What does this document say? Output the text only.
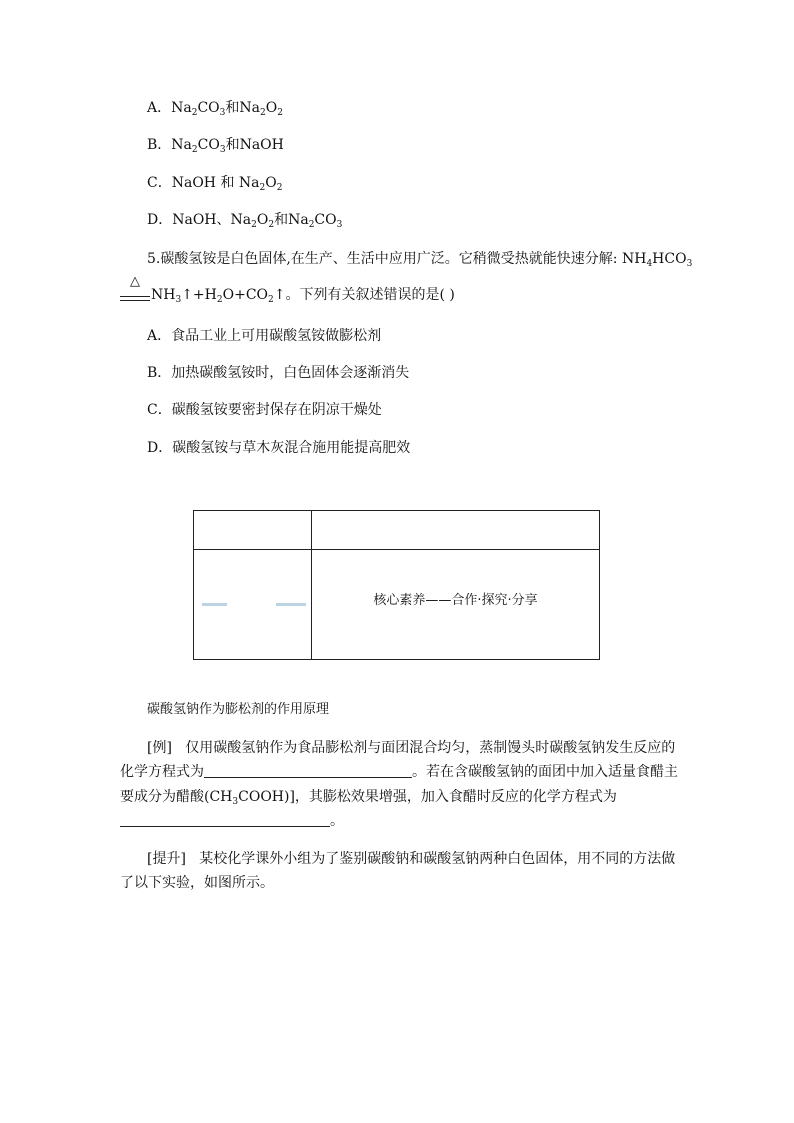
A．$Na_2CO_3$和$Na_2O_2$
B．$Na_2CO_3$和NaOH
C．NaOH 和 $Na_2O_2$
D．NaOH、$Na_2O_2$和$Na_2CO_3$
5.碳酸氢铵是白色固体,在生产、生活中应用广泛。它稍微受热就能快速分解: $NH_4HCO_3$
△
$NH_3↑+H_2O+CO_2↑$。下列有关叙述错误的是( )
A．食品工业上可用碳酸氢铵做膨松剂
B．加热碳酸氢铵时，白色固体会逐渐消失
C．碳酸氢铵要密封保存在阴凉干燥处
D．碳酸氢铵与草木灰混合施用能提高肥效
核心素养——合作·探究·分享
碳酸氢钠作为膨松剂的作用原理
[例] 仅用碳酸氢钠作为食品膨松剂与面团混合均匀，蒸制馒头时碳酸氢钠发生反应的
化学方程式为	。若在含碳酸氢钠的面团中加入适量食醋主
要成分为醋酸$(CH_3COOH)$]，其膨松效果增强，加入食醋时反应的化学方程式为
。
[提升] 某校化学课外小组为了鉴别碳酸钠和碳酸氢钠两种白色固体，用不同的方法做
了以下实验，如图所示。
